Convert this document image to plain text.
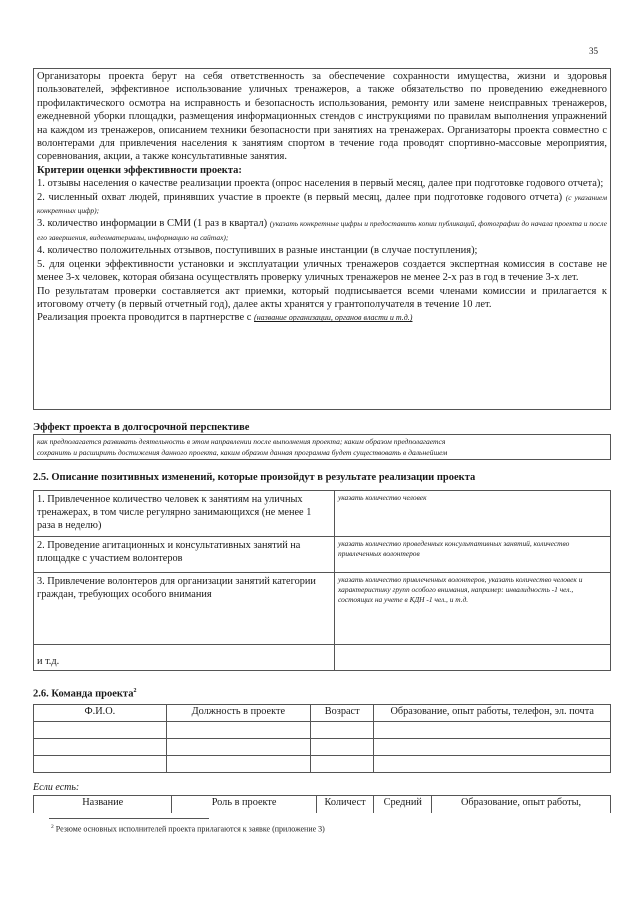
35

Организаторы проекта берут на себя ответственность за обеспечение сохранности имущества, жизни и здоровья пользователей, эффективное использование уличных тренажеров, а также обязательство по проведению ежедневного профилактического осмотра на исправность и безопасность использования, ремонту или замене неисправных тренажеров, ежедневной уборки площадки, размещения информационных стендов с инструкциями по правилам выполнения упражнений на каждом из тренажеров, описанием техники безопасности при занятиях на тренажерах. Организаторы проекта совместно с волонтерами для привлечения населения к занятиям спортом в течение года проводят спортивно-массовые мероприятия, соревнования, акции, а также консультативные занятия.

Критерии оценки эффективности проекта:

1. отзывы населения о качестве реализации проекта (опрос населения в первый месяц, далее при подготовке годового отчета);

2. численный охват людей, принявших участие в проекте (в первый месяц, далее при подготовке годового отчета) (с указанием конкретных цифр);

3. количество информации в СМИ (1 раз в квартал) (указать конкретные цифры и предоставить копии публикаций, фотографии до начала проекта и после его завершения, видеоматериалы, информацию на сайтах);

4. количество положительных отзывов, поступивших в разные инстанции (в случае поступления);

5. для оценки эффективности установки и эксплуатации уличных тренажеров создается экспертная комиссия в составе не менее 3-х человек, которая обязана осуществлять проверку уличных тренажеров не менее 2-х раз в год в течение 3-х лет.

По результатам проверки составляется акт приемки, который подписывается всеми членами комиссии и прилагается к итоговому отчету (в первый отчетный год), далее акты хранятся у грантополучателя в течение 10 лет.

Реализация проекта проводится в партнерстве с (название организации, органов власти и т.д.)

Эффект проекта в долгосрочной перспективе
как предполагается развивать деятельность в этом направлении после выполнения проекта; каким образом предполагается
сохранить и расширить достижения данного проекта, каким образом данная программа будет существовать в дальнейшем
2.5. Описание позитивных изменений, которые произойдут в результате реализации проекта
1. Привлеченное количество человек к занятиям на уличных тренажерах, в том числе регулярно занимающихся (не менее 1 раза в неделю)	указать количество человек
2. Проведение агитационных и консультативных занятий на площадке с участием волонтеров	указать количество проведенных консультативных занятий, количество привлеченных волонтеров
3. Привлечение волонтеров для организации занятий категории граждан, требующих особого внимания	указать количество привлеченных волонтеров, указать количество человек и характеристику групп особого внимания, например: инвалидность -1 чел., состоящих на учете в КДН -1 чел., и т.д.
и т.д.	
2.6. Команда проекта$^2$
Ф.И.О.	Должность в проекте	Возраст	Образование, опыт работы, телефон, эл. почта

Если есть:
Название	Роль в проекте	Количест	Средний	Образование, опыт работы,
$^2$ Резюме основных исполнителей проекта прилагаются к заявке (приложение 3)
